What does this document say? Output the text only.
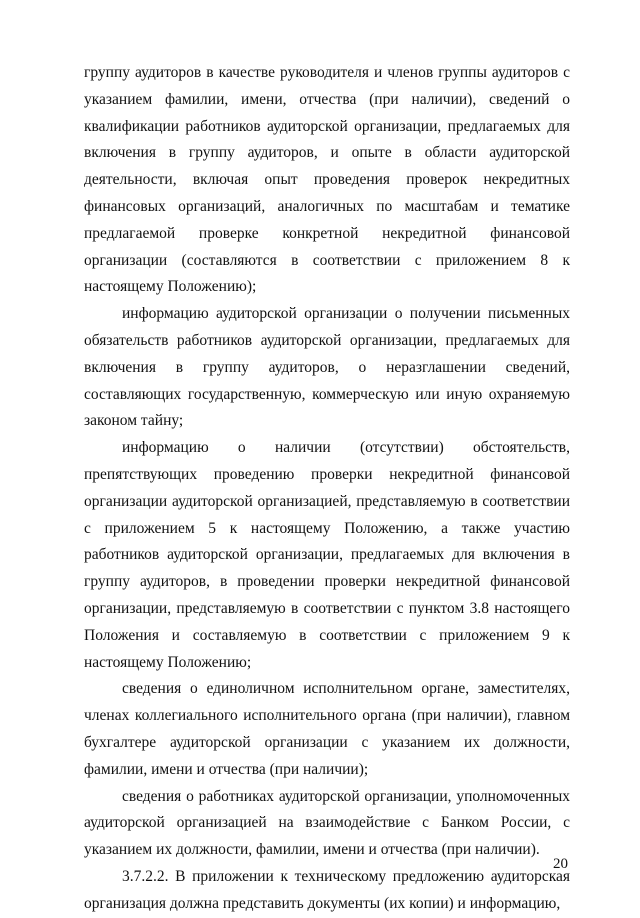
группу аудиторов в качестве руководителя и членов группы аудиторов с указанием фамилии, имени, отчества (при наличии), сведений о квалификации работников аудиторской организации, предлагаемых для включения в группу аудиторов, и опыте в области аудиторской деятельности, включая опыт проведения проверок некредитных финансовых организаций, аналогичных по масштабам и тематике предлагаемой проверке конкретной некредитной финансовой организации (составляются в соответствии с приложением 8 к настоящему Положению);

информацию аудиторской организации о получении письменных обязательств работников аудиторской организации, предлагаемых для включения в группу аудиторов, о неразглашении сведений, составляющих государственную, коммерческую или иную охраняемую законом тайну;

информацию о наличии (отсутствии) обстоятельств, препятствующих проведению проверки некредитной финансовой организации аудиторской организацией, представляемую в соответствии с приложением 5 к настоящему Положению, а также участию работников аудиторской организации, предлагаемых для включения в группу аудиторов, в проведении проверки некредитной финансовой организации, представляемую в соответствии с пунктом 3.8 настоящего Положения и составляемую в соответствии с приложением 9 к настоящему Положению;

сведения о единоличном исполнительном органе, заместителях, членах коллегиального исполнительного органа (при наличии), главном бухгалтере аудиторской организации с указанием их должности, фамилии, имени и отчества (при наличии);

сведения о работниках аудиторской организации, уполномоченных аудиторской организацией на взаимодействие с Банком России, с указанием их должности, фамилии, имени и отчества (при наличии).

3.7.2.2. В приложении к техническому предложению аудиторская организация должна представить документы (их копии) и информацию,

20
